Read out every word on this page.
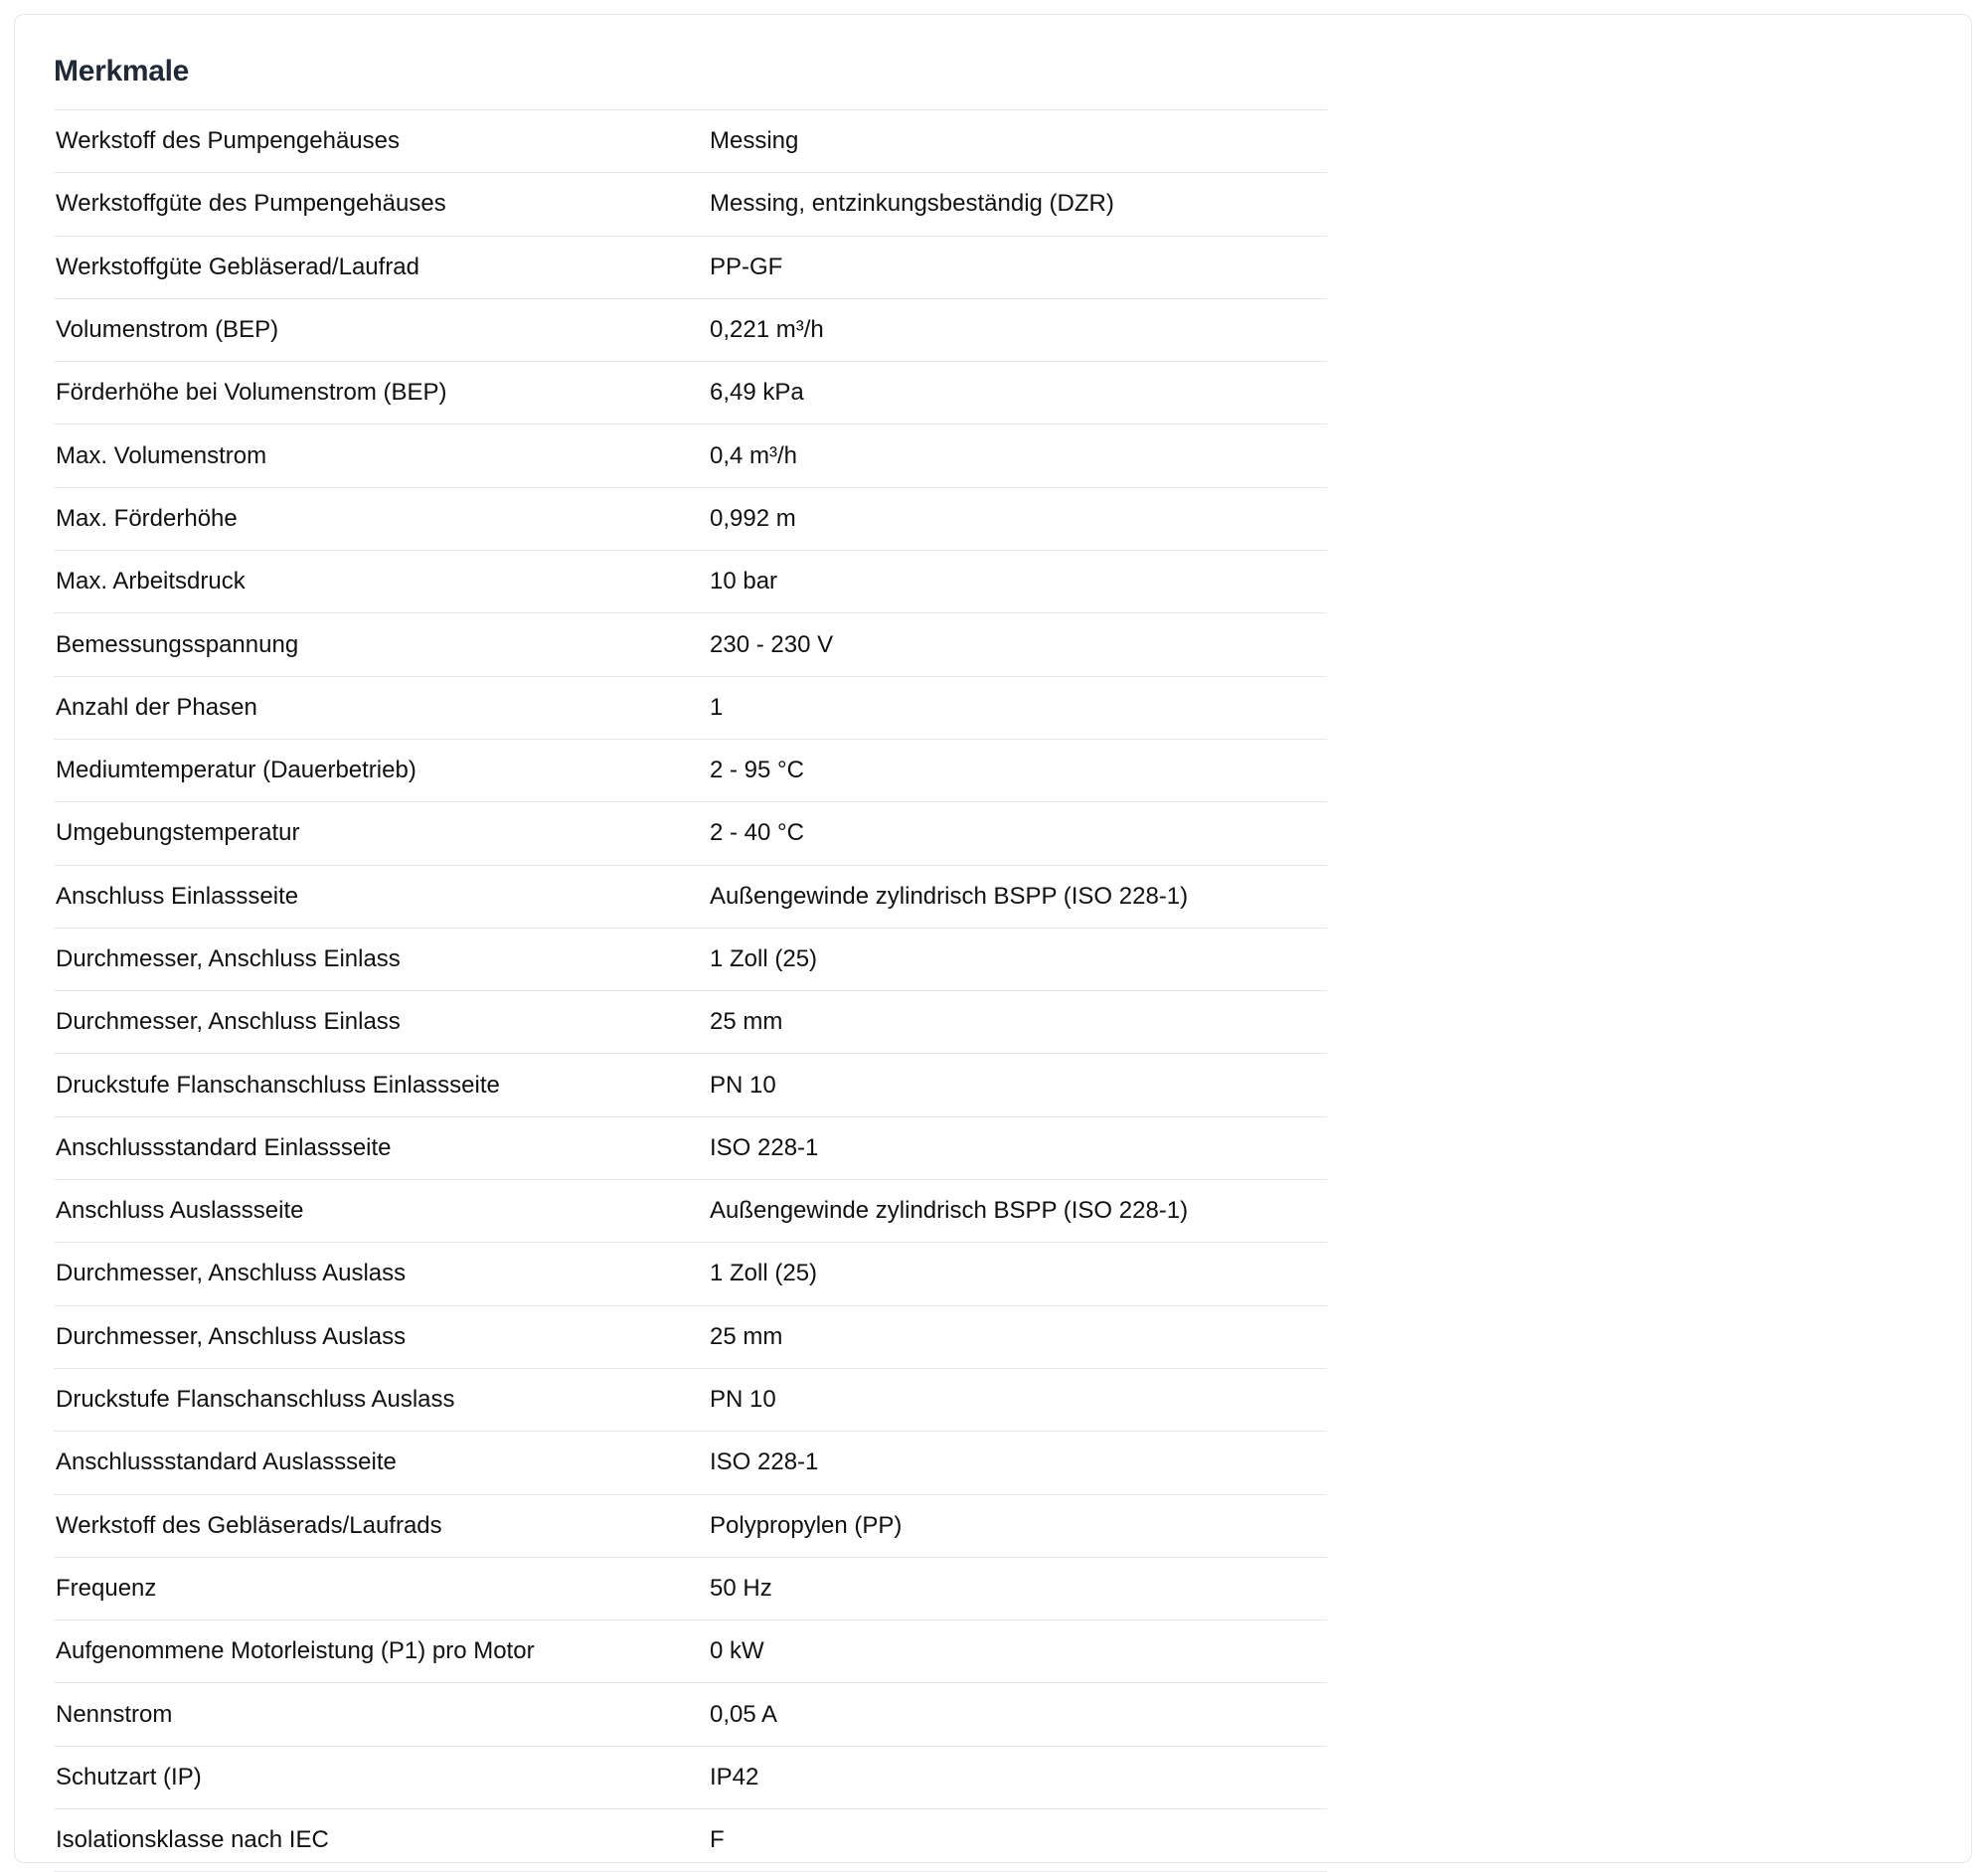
Merkmale
Werkstoff des Pumpengehäuses	Messing
Werkstoffgüte des Pumpengehäuses	Messing, entzinkungsbeständig (DZR)
Werkstoffgüte Gebläserad/Laufrad	PP-GF
Volumenstrom (BEP)	0,221 m³/h
Förderhöhe bei Volumenstrom (BEP)	6,49 kPa
Max. Volumenstrom	0,4 m³/h
Max. Förderhöhe	0,992 m
Max. Arbeitsdruck	10 bar
Bemessungsspannung	230 - 230 V
Anzahl der Phasen	1
Mediumtemperatur (Dauerbetrieb)	2 - 95 °C
Umgebungstemperatur	2 - 40 °C
Anschluss Einlassseite	Außengewinde zylindrisch BSPP (ISO 228-1)
Durchmesser, Anschluss Einlass	1 Zoll (25)
Durchmesser, Anschluss Einlass	25 mm
Druckstufe Flanschanschluss Einlassseite	PN 10
Anschlussstandard Einlassseite	ISO 228-1
Anschluss Auslassseite	Außengewinde zylindrisch BSPP (ISO 228-1)
Durchmesser, Anschluss Auslass	1 Zoll (25)
Durchmesser, Anschluss Auslass	25 mm
Druckstufe Flanschanschluss Auslass	PN 10
Anschlussstandard Auslassseite	ISO 228-1
Werkstoff des Gebläserads/Laufrads	Polypropylen (PP)
Frequenz	50 Hz
Aufgenommene Motorleistung (P1) pro Motor	0 kW
Nennstrom	0,05 A
Schutzart (IP)	IP42
Isolationsklasse nach IEC	F
